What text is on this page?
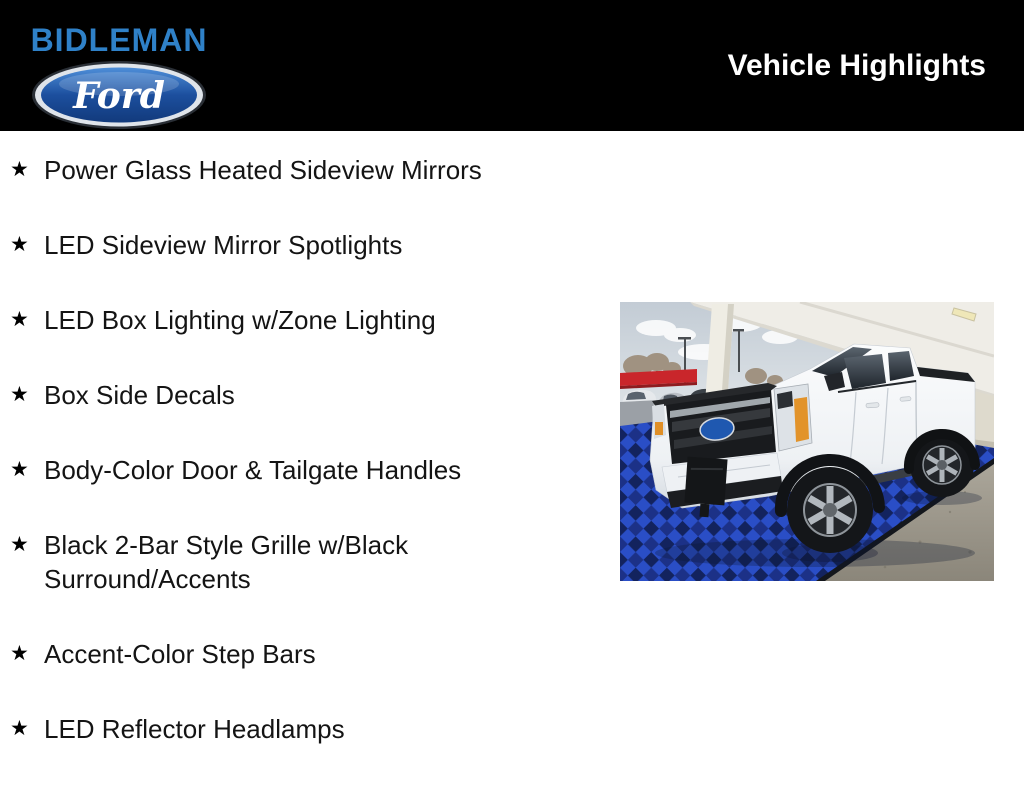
BIDLEMAN
Ford
Vehicle Highlights
★ Power Glass Heated Sideview Mirrors
★ LED Sideview Mirror Spotlights
★ LED Box Lighting w/Zone Lighting
★ Box Side Decals
★ Body-Color Door & Tailgate Handles
★ Black 2-Bar Style Grille w/Black Surround/Accents
★ Accent-Color Step Bars
★ LED Reflector Headlamps
